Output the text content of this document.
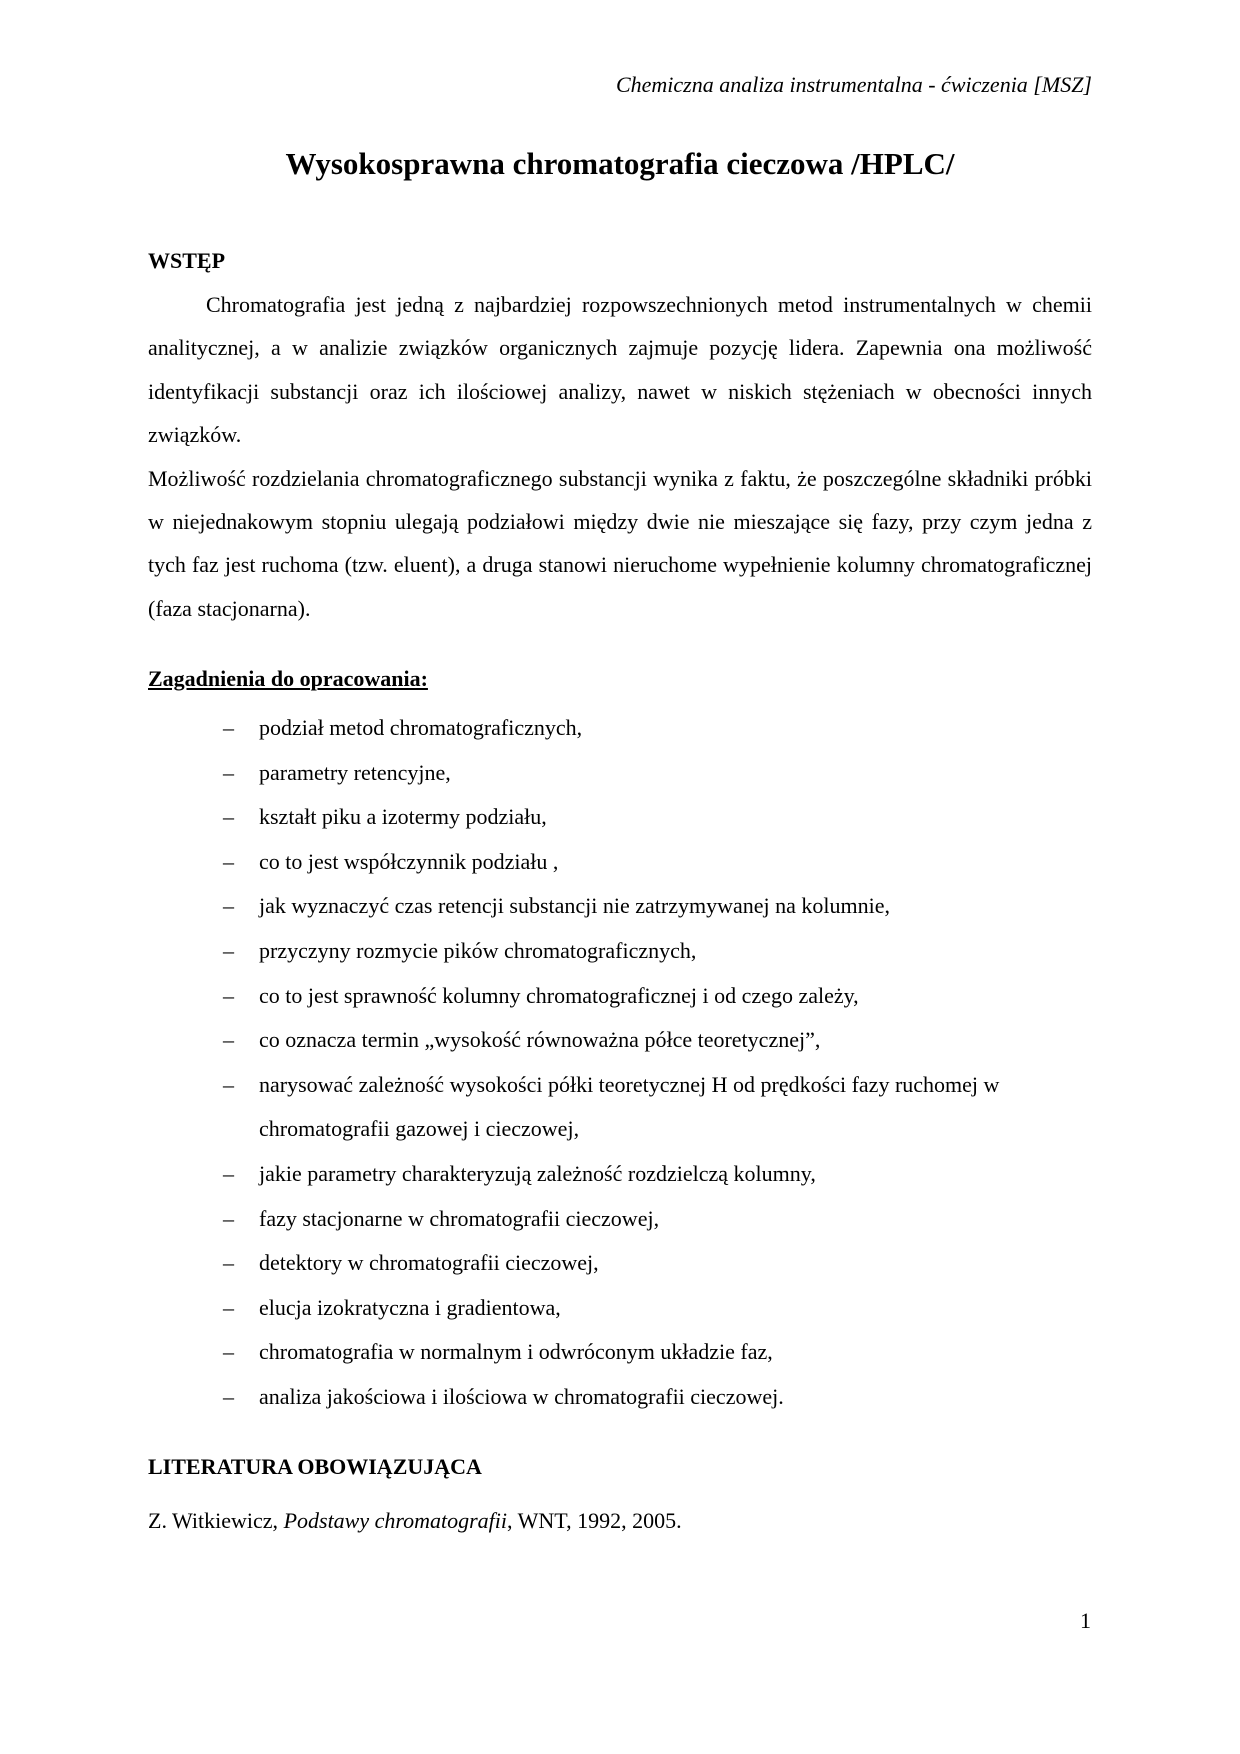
Chemiczna analiza instrumentalna - ćwiczenia [MSZ]
Wysokosprawna chromatografia cieczowa /HPLC/
WSTĘP

Chromatografia jest jedną z najbardziej rozpowszechnionych metod instrumentalnych w chemii analitycznej, a w analizie związków organicznych zajmuje pozycję lidera. Zapewnia ona możliwość identyfikacji substancji oraz ich ilościowej analizy, nawet w niskich stężeniach w obecności innych związków.

Możliwość rozdzielania chromatograficznego substancji wynika z faktu, że poszczególne składniki próbki w niejednakowym stopniu ulegają podziałowi między dwie nie mieszające się fazy, przy czym jedna z tych faz jest ruchoma (tzw. eluent), a druga stanowi nieruchome wypełnienie kolumny chromatograficznej (faza stacjonarna).

Zagadnienia do opracowania:
– podział metod chromatograficznych,
– parametry retencyjne,
– kształt piku a izotermy podziału,
– co to jest współczynnik podziału ,
– jak wyznaczyć czas retencji substancji nie zatrzymywanej na kolumnie,
– przyczyny rozmycie pików chromatograficznych,
– co to jest sprawność kolumny chromatograficznej i od czego zależy,
– co oznacza termin „wysokość równoważna półce teoretycznej”,
– narysować zależność wysokości półki teoretycznej H od prędkości fazy ruchomej w chromatografii gazowej i cieczowej,
– jakie parametry charakteryzują zależność rozdzielczą kolumny,
– fazy stacjonarne w chromatografii cieczowej,
– detektory w chromatografii cieczowej,
– elucja izokratyczna i gradientowa,
– chromatografia w normalnym i odwróconym układzie faz,
– analiza jakościowa i ilościowa w chromatografii cieczowej.
LITERATURA OBOWIĄZUJĄCA
Z. Witkiewicz, Podstawy chromatografii, WNT, 1992, 2005.
1
